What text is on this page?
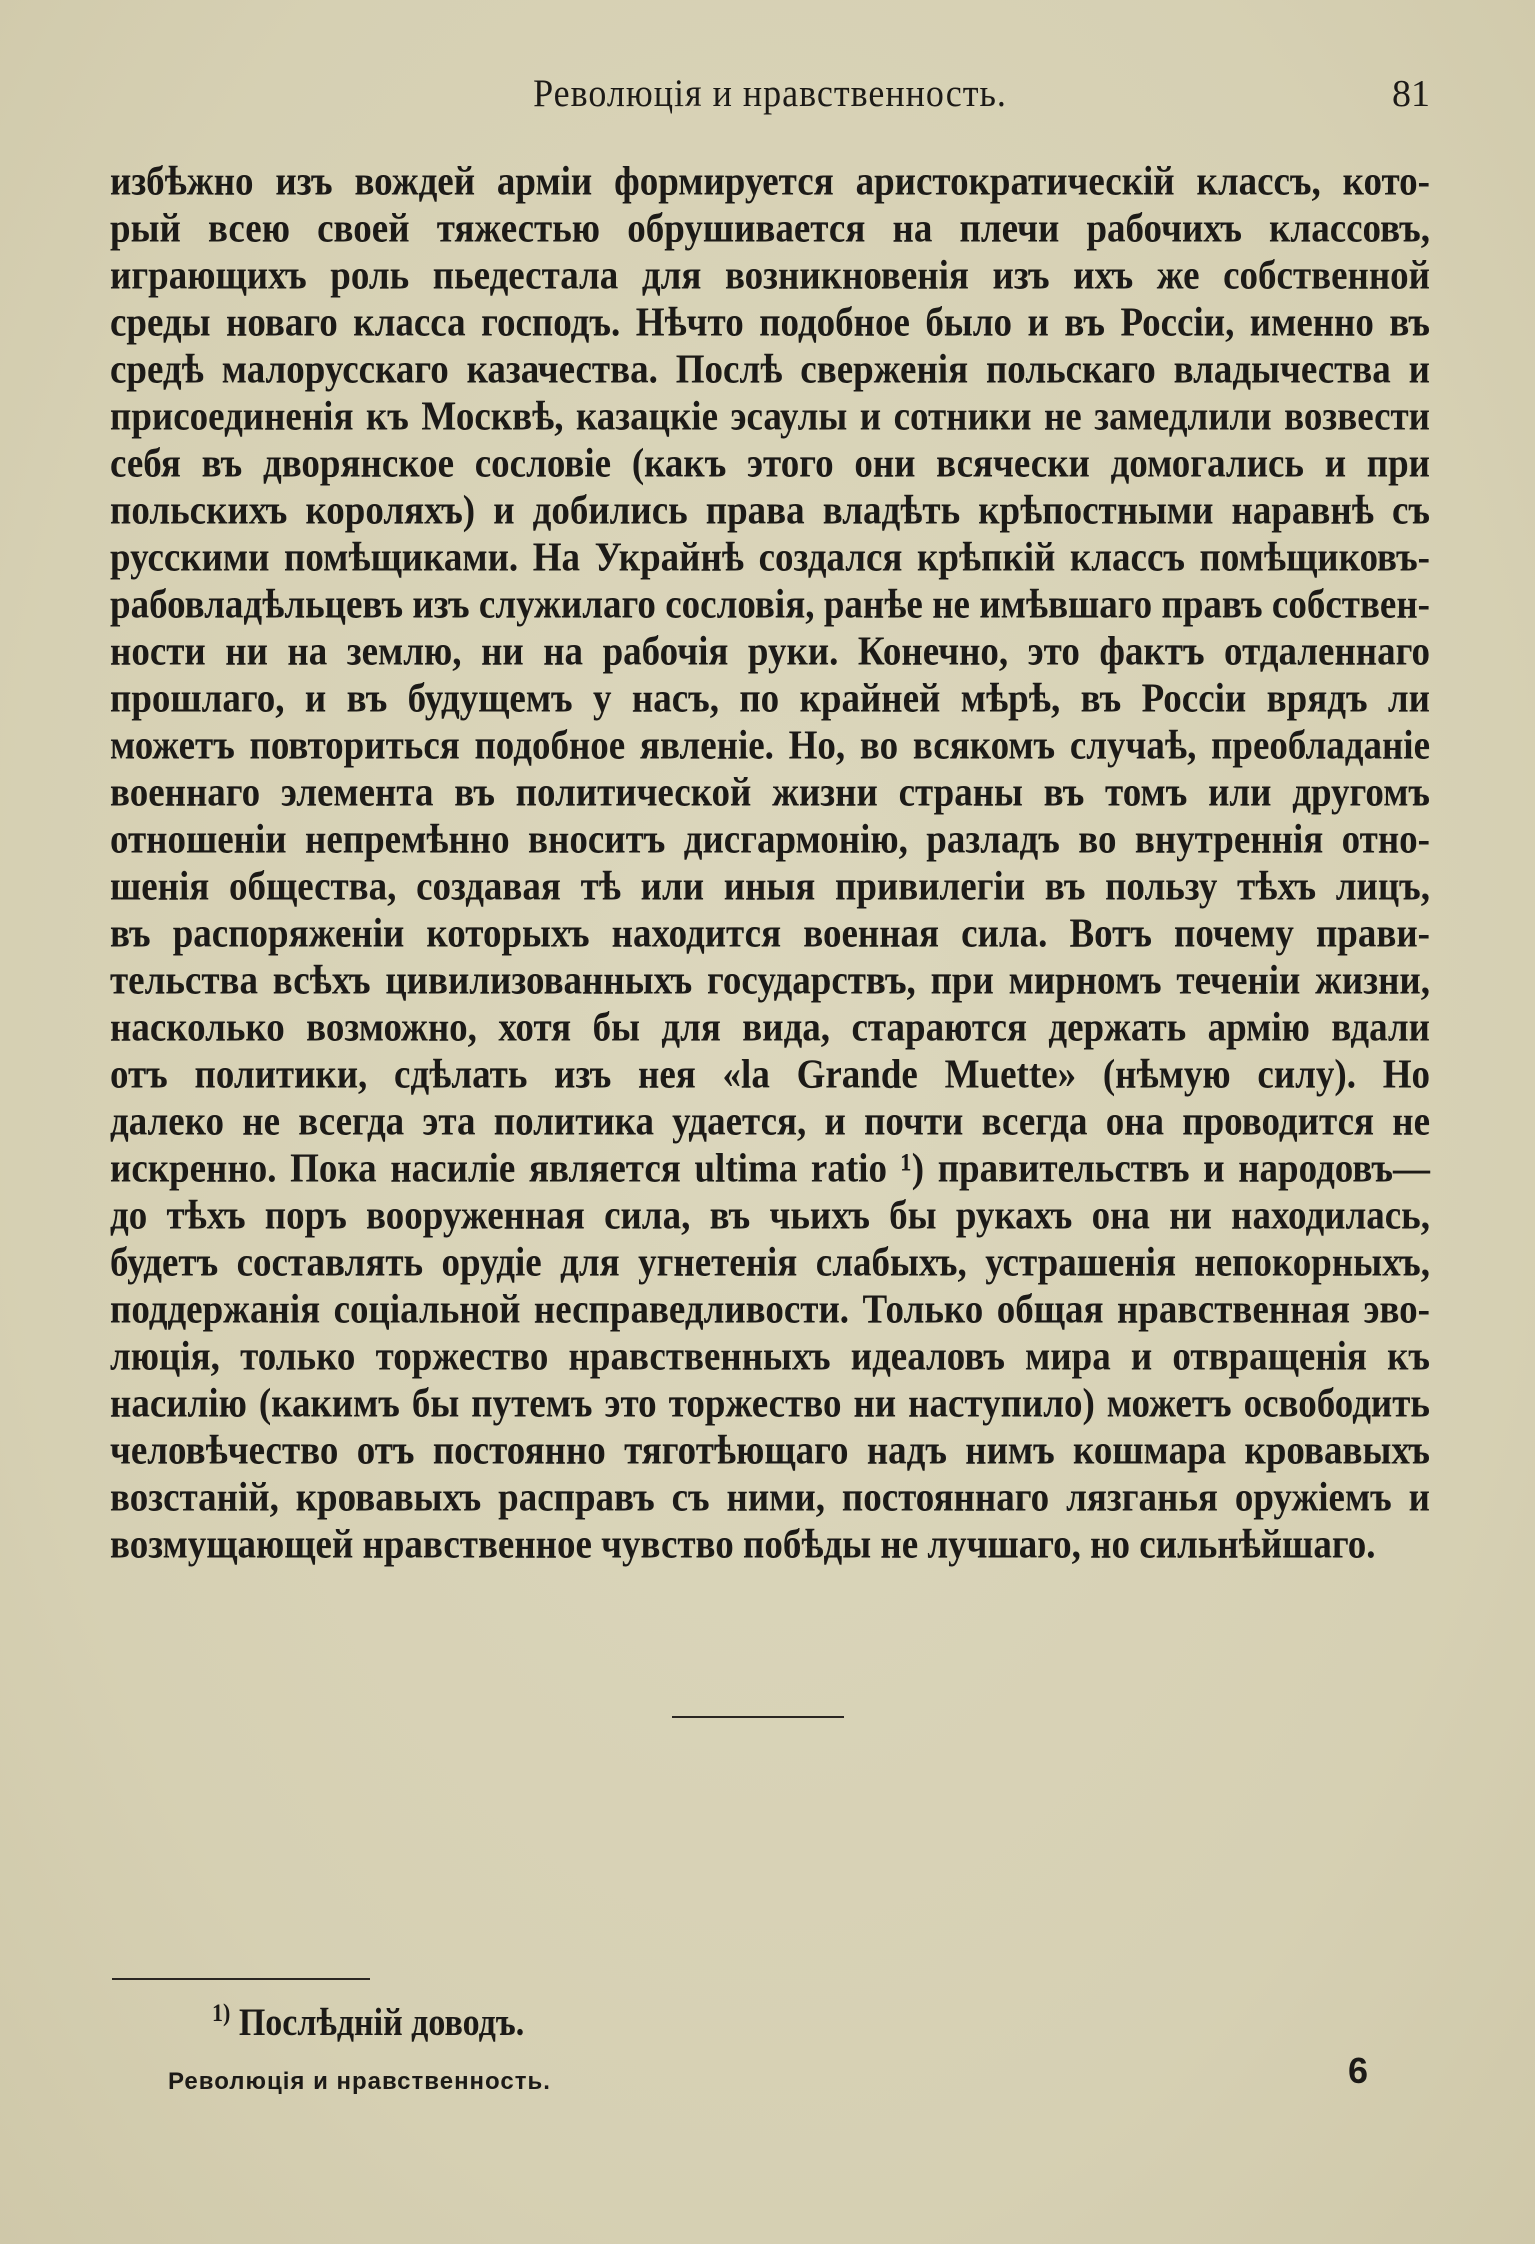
Революція и нравственность.	81
избѣжно изъ вождей арміи формируется аристократическій классъ, кото-
рый всею своей тяжестью обрушивается на плечи рабочихъ классовъ,
играющихъ роль пьедестала для возникновенія изъ ихъ же собственной
среды новаго класса господъ. Нѣчто подобное было и въ Россіи, именно въ
средѣ малорусскаго казачества. Послѣ сверженія польскаго владычества и
присоединенія къ Москвѣ, казацкіе эсаулы и сотники не замедлили возвести
себя въ дворянское сословіе (какъ этого они всячески домогались и при
польскихъ короляхъ) и добились права владѣть крѣпостными наравнѣ съ
русскими помѣщиками. На Украйнѣ создался крѣпкій классъ помѣщиковъ-
рабовладѣльцевъ изъ служилаго сословія, ранѣе не имѣвшаго правъ собствен-
ности ни на землю, ни на рабочія руки. Конечно, это фактъ отдаленнаго
прошлаго, и въ будущемъ у насъ, по крайней мѣрѣ, въ Россіи врядъ ли
можетъ повториться подобное явленіе. Но, во всякомъ случаѣ, преобладаніе
военнаго элемента въ политической жизни страны въ томъ или другомъ
отношеніи непремѣнно вноситъ дисгармонію, разладъ во внутреннія отно-
шенія общества, создавая тѣ или иныя привилегіи въ пользу тѣхъ лицъ,
въ распоряженіи которыхъ находится военная сила. Вотъ почему прави-
тельства всѣхъ цивилизованныхъ государствъ, при мирномъ теченіи жизни,
насколько возможно, хотя бы для вида, стараются держать армію вдали
отъ политики, сдѣлать изъ нея «la Grande Muette» (нѣмую силу). Но
далеко не всегда эта политика удается, и почти всегда она проводится не
искренно. Пока насиліе является ultima ratio ¹) правительствъ и народовъ—
до тѣхъ поръ вооруженная сила, въ чьихъ бы рукахъ она ни находилась,
будетъ составлять орудіе для угнетенія слабыхъ, устрашенія непокорныхъ,
поддержанія соціальной несправедливости. Только общая нравственная эво-
люція, только торжество нравственныхъ идеаловъ мира и отвращенія къ
насилію (какимъ бы путемъ это торжество ни наступило) можетъ освободить
человѣчество отъ постоянно тяготѣющаго надъ нимъ кошмара кровавыхъ
возстаній, кровавыхъ расправъ съ ними, постояннаго лязганья оружіемъ и
возмущающей нравственное чувство побѣды не лучшаго, но сильнѣйшаго.
$^{1)}$ Послѣдній доводъ.
Революція и нравственность.	6
